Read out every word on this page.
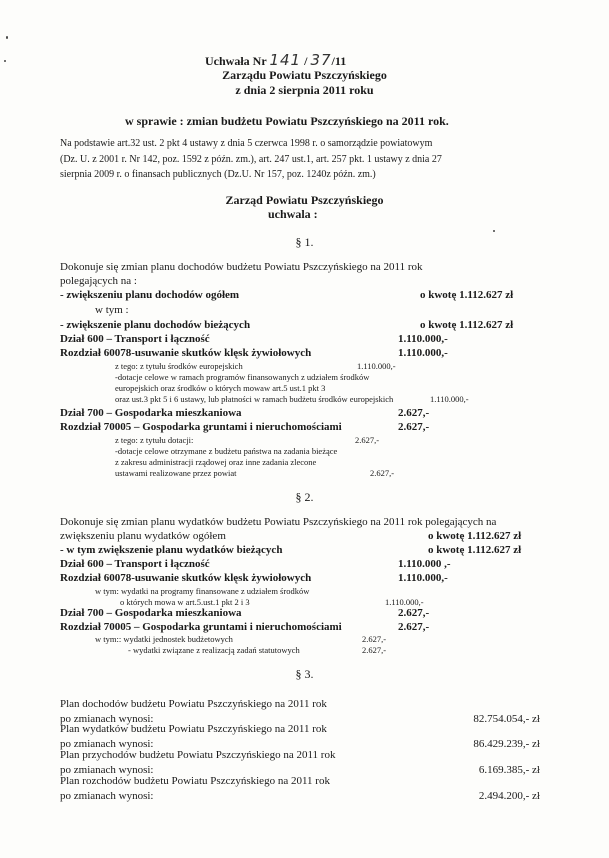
Uchwała Nr 141 / 37/11
Zarządu Powiatu Pszczyńskiego
z dnia 2 sierpnia 2011 roku
w sprawie : zmian budżetu Powiatu Pszczyńskiego na 2011 rok.
Na podstawie art.32 ust. 2 pkt 4 ustawy z dnia 5 czerwca 1998 r. o samorządzie powiatowym
(Dz. U. z 2001 r. Nr 142, poz. 1592 z późn. zm.), art. 247 ust.1, art. 257 pkt. 1 ustawy z dnia 27
sierpnia 2009 r. o finansach publicznych (Dz.U. Nr 157, poz. 1240z późn. zm.)
Zarząd Powiatu Pszczyńskiego
uchwala :
§ 1.
Dokonuje się zmian planu dochodów budżetu Powiatu Pszczyńskiego na 2011 rok
polegających na :
- zwiększeniu planu dochodów ogółem	o kwotę 1.112.627 zł
w tym :
- zwiększenie planu dochodów bieżących	o kwotę 1.112.627 zł
Dział 600 – Transport i łączność	1.110.000,-
Rozdział 60078-usuwanie skutków klęsk żywiołowych	1.110.000,-
z tego: z tytułu środków europejskich	1.110.000,-
-dotacje celowe w ramach programów finansowanych z udziałem środków
europejskich oraz środków o których mowaw art.5 ust.1 pkt 3
oraz ust.3 pkt 5 i 6 ustawy, lub płatności w ramach budżetu środków europejskich	1.110.000,-
Dział 700 – Gospodarka mieszkaniowa	2.627,-
Rozdział 70005 – Gospodarka gruntami i nieruchomościami	2.627,-
z tego: z tytułu dotacji:	2.627,-
-dotacje celowe otrzymane z budżetu państwa na zadania bieżące
z zakresu administracji rządowej oraz inne zadania zlecone
ustawami realizowane przez powiat	2.627,-
§ 2.
Dokonuje się zmian planu wydatków budżetu Powiatu Pszczyńskiego na 2011 rok polegających na
zwiększeniu planu wydatków ogółem	o kwotę 1.112.627 zł
- w tym zwiększenie planu wydatków bieżących	o kwotę 1.112.627 zł
Dział 600 – Transport i łączność	1.110.000 ,-
Rozdział 60078-usuwanie skutków klęsk żywiołowych	1.110.000,-
w tym: wydatki na programy finansowane z udziałem środków
o których mowa w art.5.ust.1 pkt 2 i 3	1.110.000,-
Dział 700 – Gospodarka mieszkaniowa	2.627,-
Rozdział 70005 – Gospodarka gruntami i nieruchomościami	2.627,-
w tym:: wydatki jednostek budżetowych	2.627,-
- wydatki związane z realizacją zadań statutowych	2.627,-
§ 3.
Plan dochodów budżetu Powiatu Pszczyńskiego na 2011 rok
po zmianach wynosi:	82.754.054,- zł
Plan wydatków budżetu Powiatu Pszczyńskiego na 2011 rok
po zmianach wynosi:	86.429.239,- zł
Plan przychodów budżetu Powiatu Pszczyńskiego na 2011 rok
po zmianach wynosi:	6.169.385,- zł
Plan rozchodów budżetu Powiatu Pszczyńskiego na 2011 rok
po zmianach wynosi:	2.494.200,- zł
